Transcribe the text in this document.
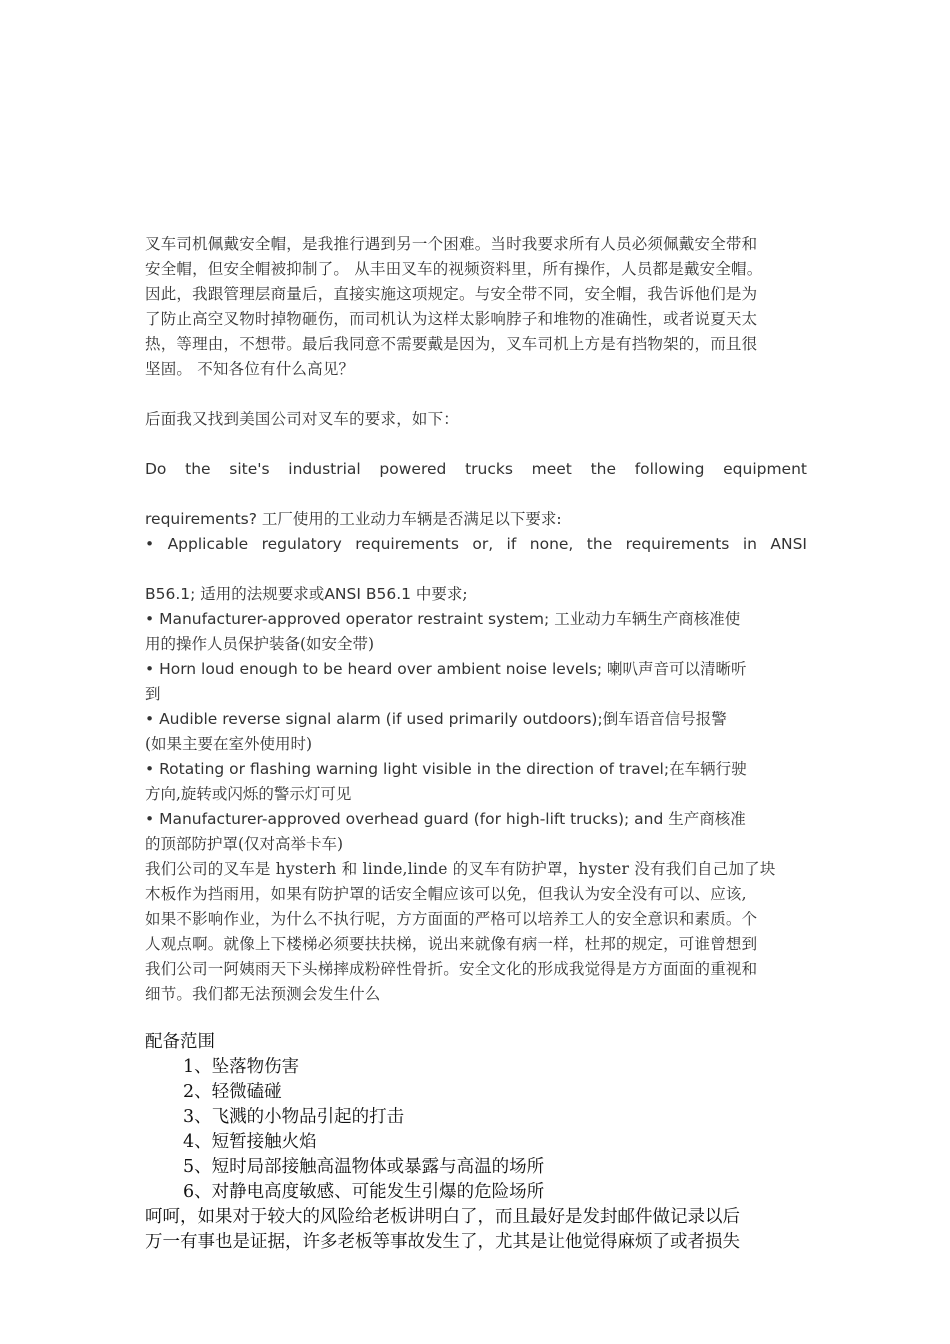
叉车司机佩戴安全帽，是我推行遇到另一个困难。当时我要求所有人员必须佩戴安全带和

安全帽，但安全帽被抑制了。 从丰田叉车的视频资料里，所有操作，人员都是戴安全帽。

因此，我跟管理层商量后，直接实施这项规定。与安全带不同，安全帽，我告诉他们是为

了防止高空叉物时掉物砸伤，而司机认为这样太影响脖子和堆物的准确性，或者说夏天太

热，等理由，不想带。最后我同意不需要戴是因为，叉车司机上方是有挡物架的，而且很

坚固。 不知各位有什么高见？

后面我又找到美国公司对叉车的要求，如下：

Do the site's industrial powered trucks meet the following equipment

requirements? 工厂使用的工业动力车辆是否满足以下要求:

• Applicable regulatory requirements or, if none, the requirements in ANSI

B56.1; 适用的法规要求或ANSI B56.1 中要求;

• Manufacturer-approved operator restraint system; 工业动力车辆生产商核准使

用的操作人员保护装备(如安全带)

• Horn loud enough to be heard over ambient noise levels; 喇叭声音可以清晰听

到

• Audible reverse signal alarm (if used primarily outdoors);倒车语音信号报警

(如果主要在室外使用时)

• Rotating or flashing warning light visible in the direction of travel;在车辆行驶

方向,旋转或闪烁的警示灯可见

• Manufacturer-approved overhead guard (for high-lift trucks); and 生产商核准

的顶部防护罩(仅对高举卡车)

我们公司的叉车是 hysterh 和 linde,linde 的叉车有防护罩，hyster 没有我们自己加了块

木板作为挡雨用，如果有防护罩的话安全帽应该可以免，但我认为安全没有可以、应该,

如果不影响作业，为什么不执行呢，方方面面的严格可以培养工人的安全意识和素质。个

人观点啊。就像上下楼梯必须要扶扶梯，说出来就像有病一样，杜邦的规定，可谁曾想到

我们公司一阿姨雨天下头梯摔成粉碎性骨折。安全文化的形成我觉得是方方面面的重视和

细节。我们都无法预测会发生什么

配备范围

1、坠落物伤害

2、轻微磕碰

3、飞溅的小物品引起的打击

4、短暂接触火焰

5、短时局部接触高温物体或暴露与高温的场所

6、对静电高度敏感、可能发生引爆的危险场所

呵呵，如果对于较大的风险给老板讲明白了，而且最好是发封邮件做记录以后

万一有事也是证据，许多老板等事故发生了，尤其是让他觉得麻烦了或者损失
